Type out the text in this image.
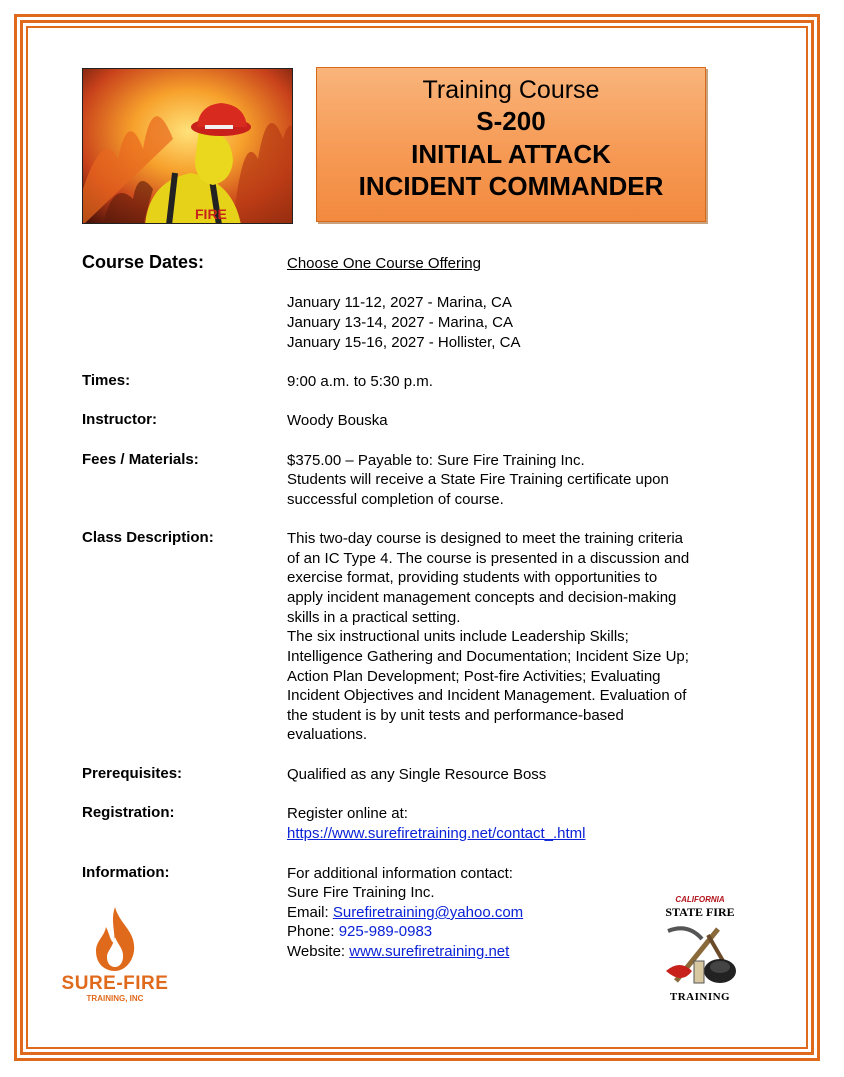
FIRE
Training Course
S-200
INITIAL ATTACK
INCIDENT COMMANDER
Course Dates:	Choose One Course Offering
January 11-12, 2027 - Marina, CA
January 13-14, 2027 - Marina, CA
January 15-16, 2027 - Hollister, CA
Times:	9:00 a.m. to 5:30 p.m.
Instructor:	Woody Bouska
Fees / Materials:	$375.00 – Payable to: Sure Fire Training Inc.
Students will receive a State Fire Training certificate upon
successful completion of course.
Class Description:	This two-day course is designed to meet the training criteria
of an IC Type 4. The course is presented in a discussion and
exercise format, providing students with opportunities to
apply incident management concepts and decision-making
skills in a practical setting.
The six instructional units include Leadership Skills;
Intelligence Gathering and Documentation; Incident Size Up;
Action Plan Development; Post-fire Activities; Evaluating
Incident Objectives and Incident Management. Evaluation of
the student is by unit tests and performance-based
evaluations.
Prerequisites:	Qualified as any Single Resource Boss
Registration:	Register online at:
https://www.surefiretraining.net/contact_.html
Information:	For additional information contact:
Sure Fire Training Inc.
Email: Surefiretraining@yahoo.com
Phone: 925-989-0983
Website: www.surefiretraining.net
SURE-FIRE
TRAINING, INC
CALIFORNIA
STATE FIRE
TRAINING
